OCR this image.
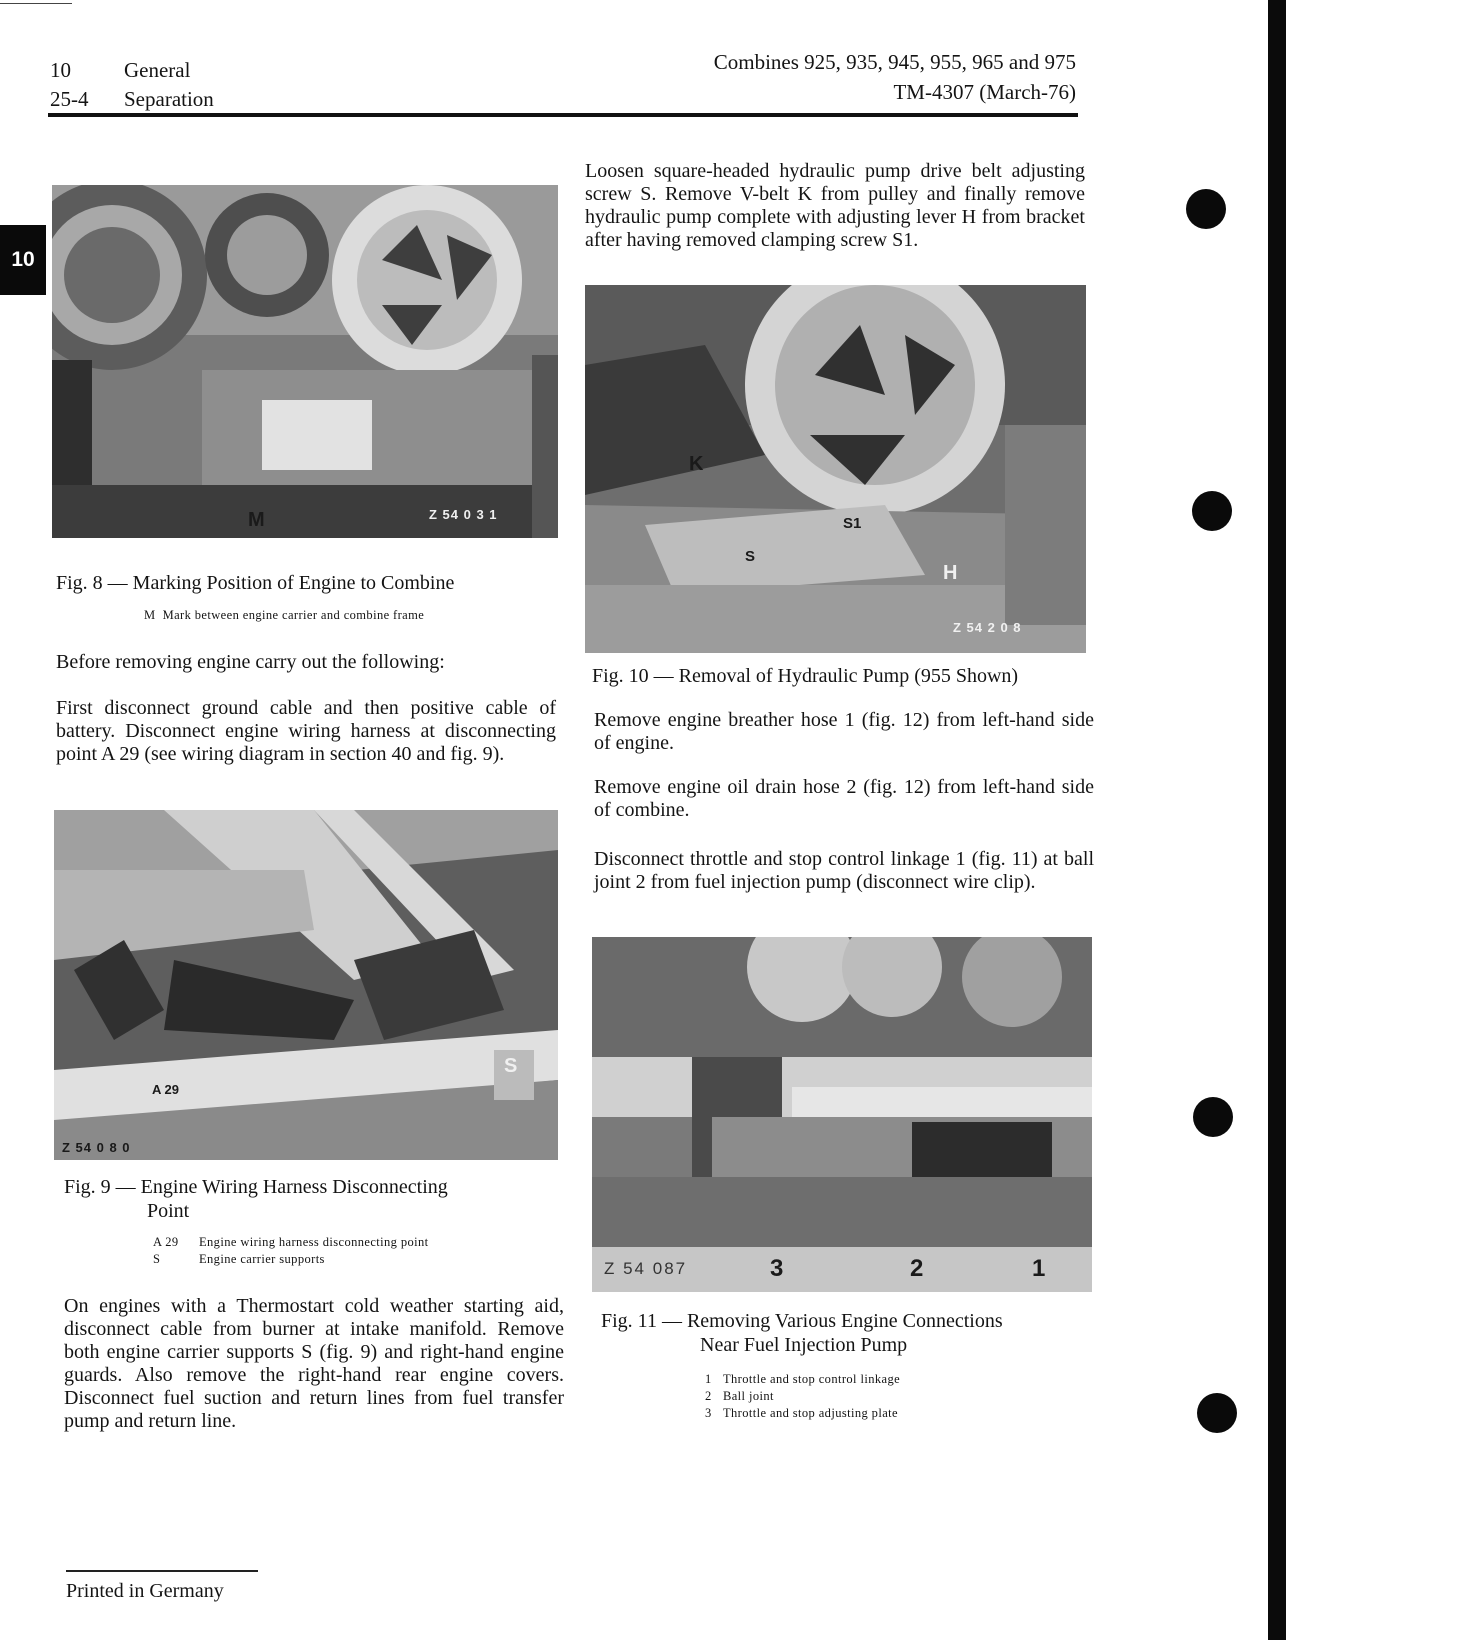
10	General
25-4 Separation
Combines 925, 935, 945, 955, 965 and 975
TM-4307 (March-76)
10
M	Z 54 0 3 1
Fig. 8 — Marking Position of Engine to Combine
M Mark between engine carrier and combine frame

Before removing engine carry out the following:

First disconnect ground cable and then positive cable of battery. Disconnect engine wiring harness at disconnecting point A 29 (see wiring diagram in section 40 and fig. 9).

A 29
S
Z 54 0 8 0
Fig. 9 — Engine Wiring Harness Disconnecting
Point
A 29 Engine wiring harness disconnecting point
S	Engine carrier supports

On engines with a Thermostart cold weather starting aid, disconnect cable from burner at intake manifold. Remove both engine carrier supports S (fig. 9) and right-hand engine guards. Also remove the right-hand rear engine covers. Disconnect fuel suction and return lines from fuel transfer pump and return line.

Printed in Germany

Loosen square-headed hydraulic pump drive belt adjusting screw S. Remove V-belt K from pulley and finally remove hydraulic pump complete with adjusting lever H from bracket after having removed clamping screw S1.

K
S
S1
H
Z 54 2 0 8
Fig. 10 — Removal of Hydraulic Pump (955 Shown)

Remove engine breather hose 1 (fig. 12) from left-hand side of engine.

Remove engine oil drain hose 2 (fig. 12) from left-hand side of combine.

Disconnect throttle and stop control linkage 1 (fig. 11) at ball joint 2 from fuel injection pump (disconnect wire clip).

Z 54 087	3	2	1
Fig. 11 — Removing Various Engine Connections
Near Fuel Injection Pump
1 Throttle and stop control linkage
2 Ball joint
3 Throttle and stop adjusting plate
